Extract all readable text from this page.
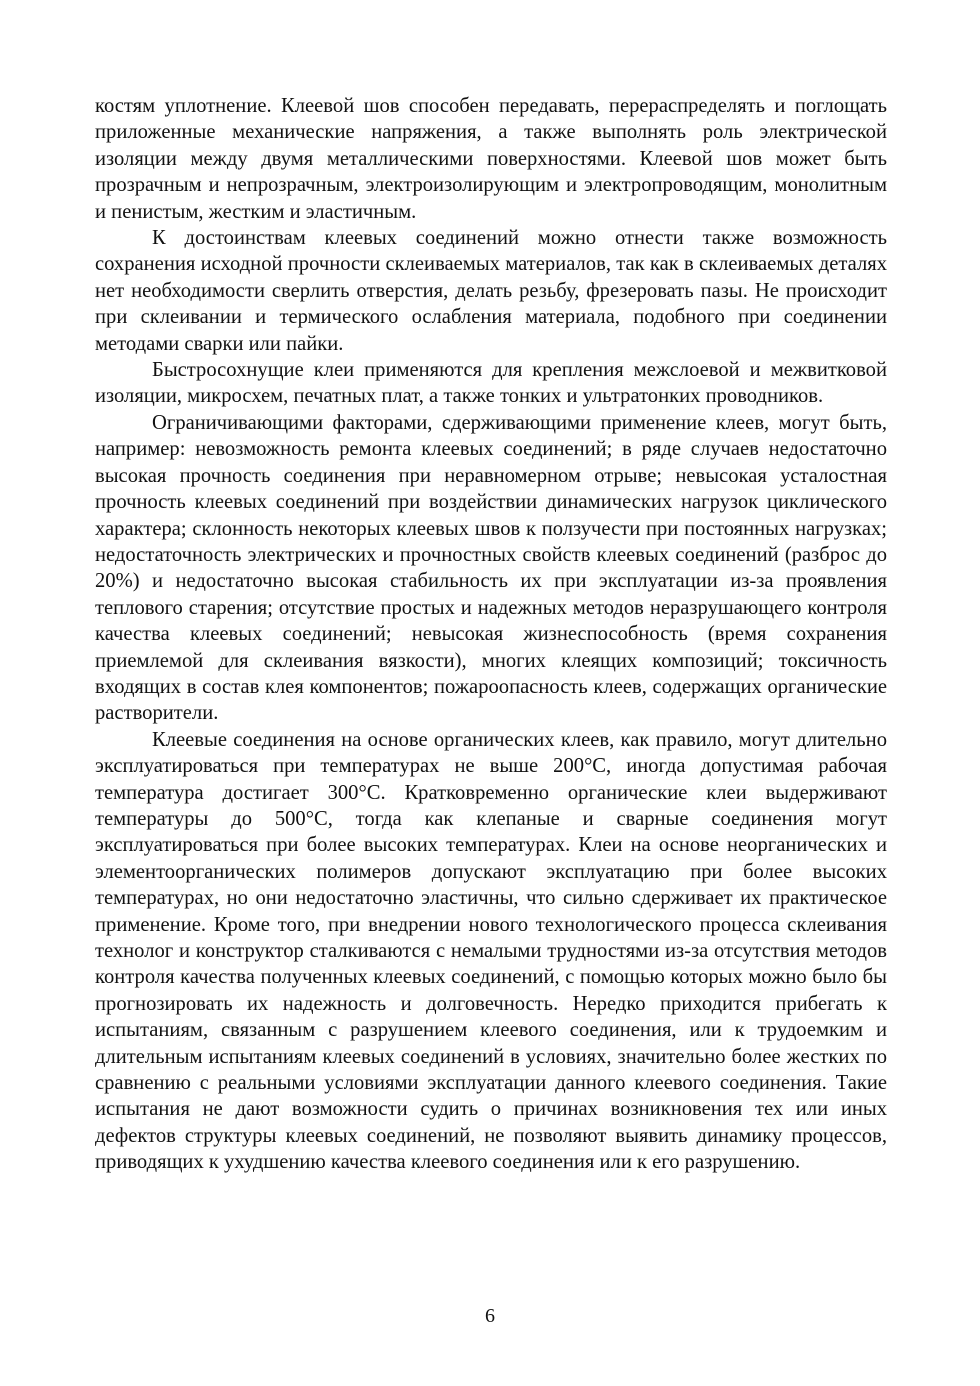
костям уплотнение. Клеевой шов способен передавать, перераспределять и поглощать приложенные механические напряжения, а также выполнять роль электрической изоляции между двумя металлическими поверхностями. Клеевой шов может быть прозрачным и непрозрачным, электроизолирующим и электропроводящим, монолитным и пенистым, жестким и эластичным.

К достоинствам клеевых соединений можно отнести также возможность сохранения исходной прочности склеиваемых материалов, так как в склеиваемых деталях нет необходимости сверлить отверстия, делать резьбу, фрезеровать пазы. Не происходит при склеивании и термического ослабления материала, подобного при соединении методами сварки или пайки.

Быстросохнущие клеи применяются для крепления межслоевой и межвитковой изоляции, микросхем, печатных плат, а также тонких и ультратонких проводников.

Ограничивающими факторами, сдерживающими применение клеев, могут быть, например: невозможность ремонта клеевых соединений; в ряде случаев недостаточно высокая прочность соединения при неравномерном отрыве; невысокая усталостная прочность клеевых соединений при воздействии динамических нагрузок циклического характера; склонность некоторых клеевых швов к ползучести при постоянных нагрузках; недостаточность электрических и прочностных свойств клеевых соединений (разброс до 20%) и недостаточно высокая стабильность их при эксплуатации из-за проявления теплового старения; отсутствие простых и надежных методов неразрушающего контроля качества клеевых соединений; невысокая жизнеспособность (время сохранения приемлемой для склеивания вязкости), многих клеящих композиций; токсичность входящих в состав клея компонентов; пожароопасность клеев, содержащих органические растворители.

Клеевые соединения на основе органических клеев, как правило, могут длительно эксплуатироваться при температурах не выше 200°С, иногда допустимая рабочая температура достигает 300°С. Кратковременно органические клеи выдерживают температуры до 500°С, тогда как клепаные и сварные соединения могут эксплуатироваться при более высоких температурах. Клеи на основе неорганических и элементоорганических полимеров допускают эксплуатацию при более высоких температурах, но они недостаточно эластичны, что сильно сдерживает их практическое применение. Кроме того, при внедрении нового технологического процесса склеивания технолог и конструктор сталкиваются с немалыми трудностями из-за отсутствия методов контроля качества полученных клеевых соединений, с помощью которых можно было бы прогнозировать их надежность и долговечность. Нередко приходится прибегать к испытаниям, связанным с разрушением клеевого соединения, или к трудоемким и длительным испытаниям клеевых соединений в условиях, значительно более жестких по сравнению с реальными условиями эксплуатации данного клеевого соединения. Такие испытания не дают возможности судить о причинах возникновения тех или иных дефектов структуры клеевых соединений, не позволяют выявить динамику процессов, приводящих к ухудшению качества клеевого соединения или к его разрушению.

6
